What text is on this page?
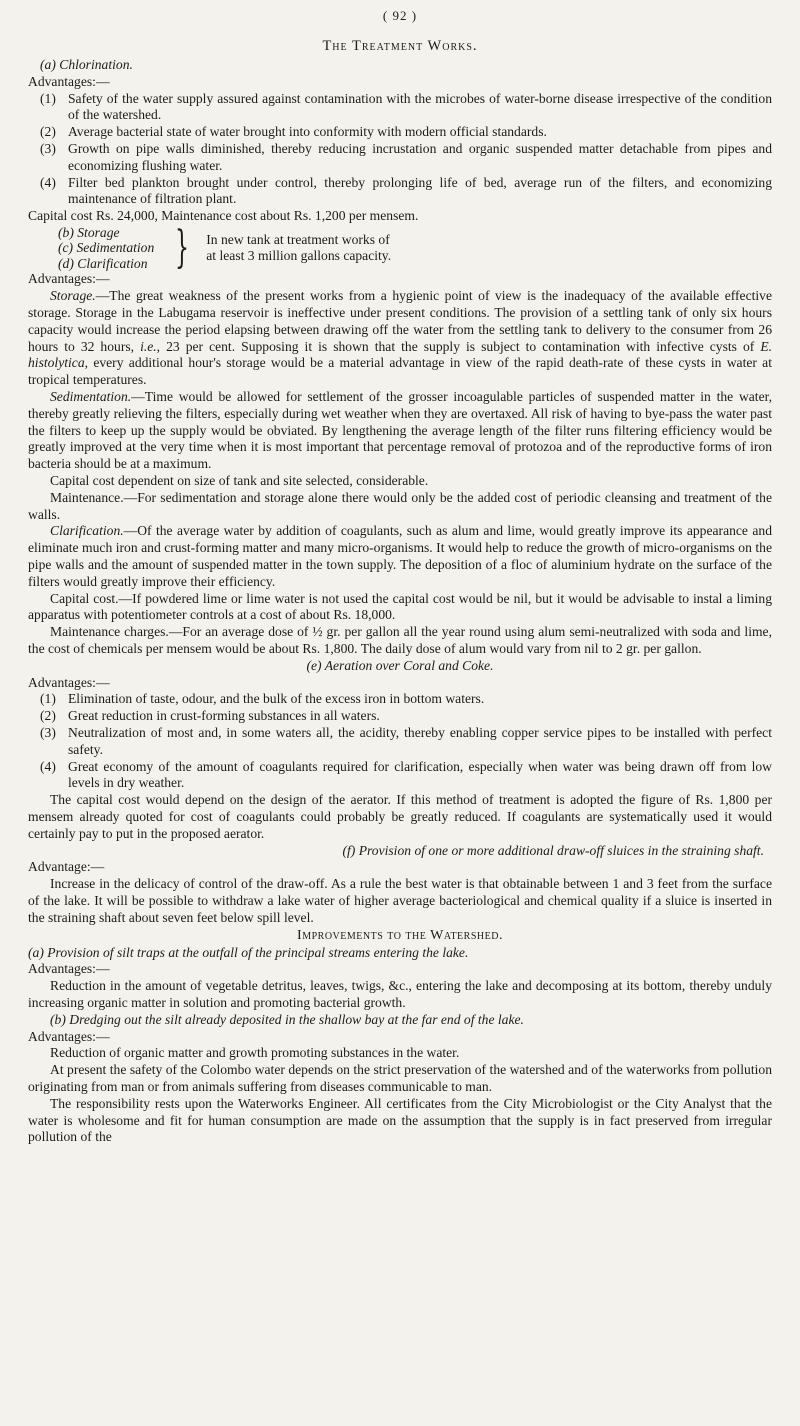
( 92 )
The Treatment Works.

(a) Chlorination.

Advantages:—

(1) Safety of the water supply assured against contamination with the microbes of water-borne disease irrespective of the condition of the watershed.
(2) Average bacterial state of water brought into conformity with modern official standards.
(3) Growth on pipe walls diminished, thereby reducing incrustation and organic suspended matter detachable from pipes and economizing flushing water.
(4) Filter bed plankton brought under control, thereby prolonging life of bed, average run of the filters, and economizing maintenance of filtration plant.

Capital cost Rs. 24,000, Maintenance cost about Rs. 1,200 per mensem.

(b) Storage
(c) Sedimentation
(d) Clarification } In new tank at treatment works of
at least 3 million gallons capacity.

Advantages:—

Storage.—The great weakness of the present works from a hygienic point of view is the inadequacy of the available effective storage. Storage in the Labugama reservoir is ineffective under present conditions. The provision of a settling tank of only six hours capacity would increase the period elapsing between drawing off the water from the settling tank to delivery to the consumer from 26 hours to 32 hours, i.e., 23 per cent. Supposing it is shown that the supply is subject to contamination with infective cysts of E. histolytica, every additional hour's storage would be a material advantage in view of the rapid death-rate of these cysts in water at tropical temperatures.

Sedimentation.—Time would be allowed for settlement of the grosser incoagulable particles of suspended matter in the water, thereby greatly relieving the filters, especially during wet weather when they are overtaxed. All risk of having to bye-pass the water past the filters to keep up the supply would be obviated. By lengthening the average length of the filter runs filtering efficiency would be greatly improved at the very time when it is most important that percentage removal of protozoa and of the reproductive forms of iron bacteria should be at a maximum.

Capital cost dependent on size of tank and site selected, considerable.

Maintenance.—For sedimentation and storage alone there would only be the added cost of periodic cleansing and treatment of the walls.

Clarification.—Of the average water by addition of coagulants, such as alum and lime, would greatly improve its appearance and eliminate much iron and crust-forming matter and many micro-organisms. It would help to reduce the growth of micro-organisms on the pipe walls and the amount of suspended matter in the town supply. The deposition of a floc of aluminium hydrate on the surface of the filters would greatly improve their efficiency.

Capital cost.—If powdered lime or lime water is not used the capital cost would be nil, but it would be advisable to instal a liming apparatus with potentiometer controls at a cost of about Rs. 18,000.

Maintenance charges.—For an average dose of ½ gr. per gallon all the year round using alum semi-neutralized with soda and lime, the cost of chemicals per mensem would be about Rs. 1,800. The daily dose of alum would vary from nil to 2 gr. per gallon.

(e) Aeration over Coral and Coke.

Advantages:—

(1) Elimination of taste, odour, and the bulk of the excess iron in bottom waters.
(2) Great reduction in crust-forming substances in all waters.
(3) Neutralization of most and, in some waters all, the acidity, thereby enabling copper service pipes to be installed with perfect safety.
(4) Great economy of the amount of coagulants required for clarification, especially when water was being drawn off from low levels in dry weather.

The capital cost would depend on the design of the aerator. If this method of treatment is adopted the figure of Rs. 1,800 per mensem already quoted for cost of coagulants could probably be greatly reduced. If coagulants are systematically used it would certainly pay to put in the proposed aerator.

(f) Provision of one or more additional draw-off sluices in the straining shaft.

Advantage:—

Increase in the delicacy of control of the draw-off. As a rule the best water is that obtainable between 1 and 3 feet from the surface of the lake. It will be possible to withdraw a lake water of higher average bacteriological and chemical quality if a sluice is inserted in the straining shaft about seven feet below spill level.

Improvements to the Watershed.

(a) Provision of silt traps at the outfall of the principal streams entering the lake.

Advantages:—

Reduction in the amount of vegetable detritus, leaves, twigs, &c., entering the lake and decomposing at its bottom, thereby unduly increasing organic matter in solution and promoting bacterial growth.

(b) Dredging out the silt already deposited in the shallow bay at the far end of the lake.

Advantages:—

Reduction of organic matter and growth promoting substances in the water.

At present the safety of the Colombo water depends on the strict preservation of the watershed and of the waterworks from pollution originating from man or from animals suffering from diseases communicable to man.

The responsibility rests upon the Waterworks Engineer. All certificates from the City Microbiologist or the City Analyst that the water is wholesome and fit for human consumption are made on the assumption that the supply is in fact preserved from irregular pollution of the
